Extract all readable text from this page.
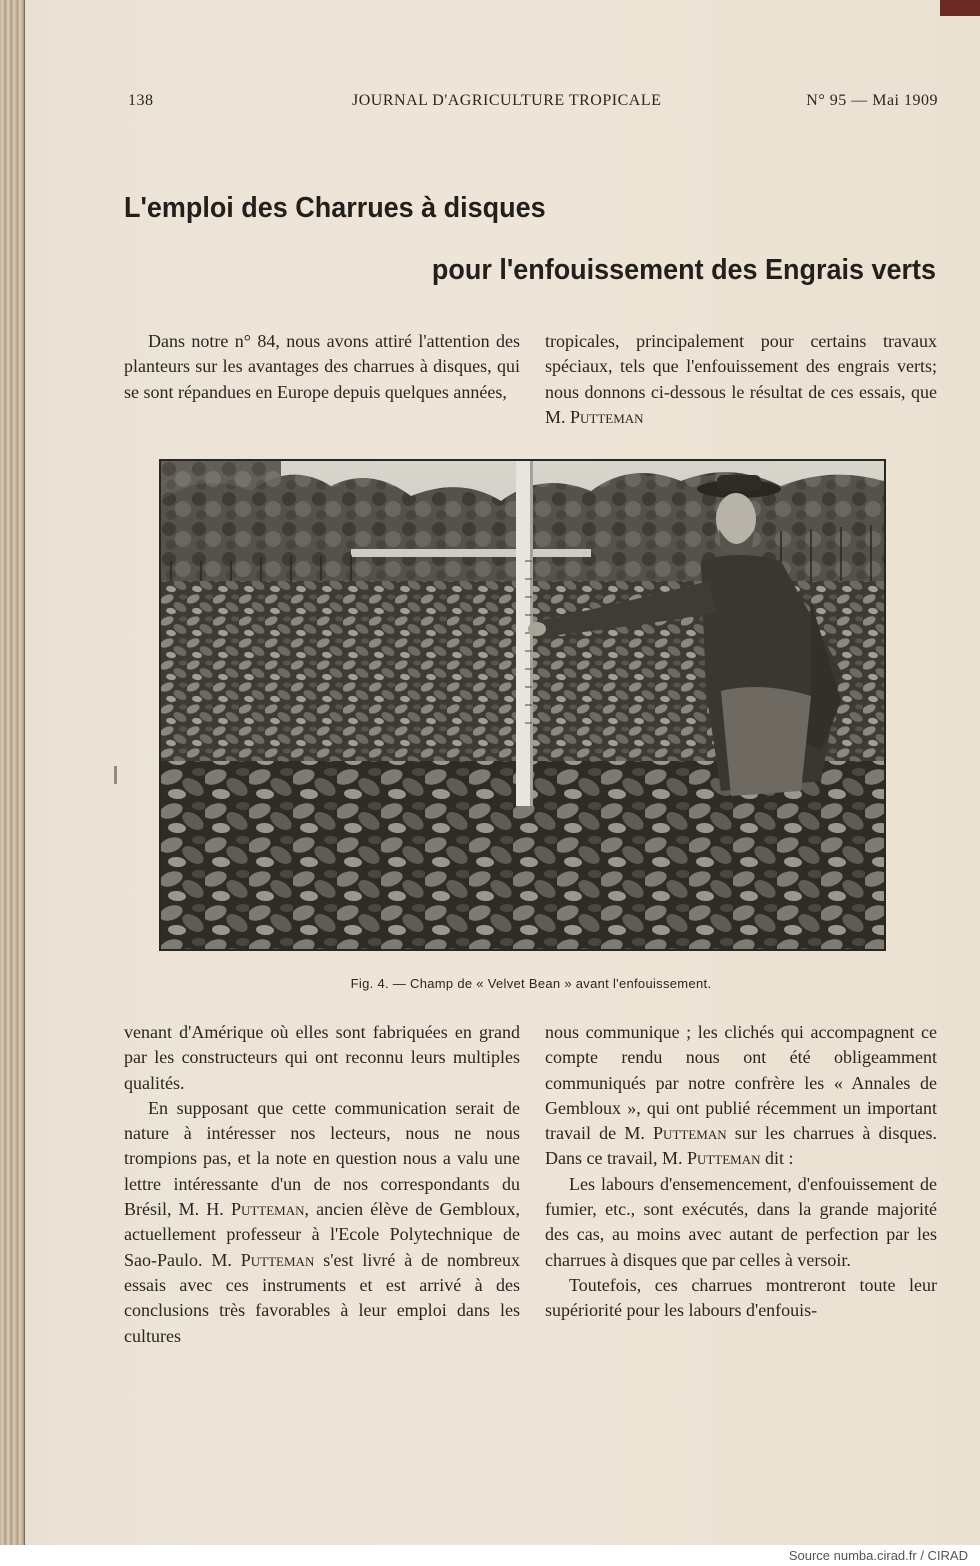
138	JOURNAL D'AGRICULTURE TROPICALE	N° 95 — Mai 1909
L'emploi des Charrues à disques
pour l'enfouissement des Engrais verts

Dans notre n° 84, nous avons attiré l'attention des planteurs sur les avantages des charrues à disques, qui se sont répandues en Europe depuis quelques années,

tropicales, principalement pour certains travaux spéciaux, tels que l'enfouissement des engrais verts; nous donnons ci-dessous le résultat de ces essais, que M. Putteman

Fig. 4. — Champ de « Velvet Bean » avant l'enfouissement.

venant d'Amérique où elles sont fabriquées en grand par les constructeurs qui ont reconnu leurs multiples qualités.

En supposant que cette communication serait de nature à intéresser nos lecteurs, nous ne nous trompions pas, et la note en question nous a valu une lettre intéressante d'un de nos correspondants du Brésil, M. H. Putteman, ancien élève de Gembloux, actuellement professeur à l'Ecole Polytechnique de Sao-Paulo. M. Putteman s'est livré à de nombreux essais avec ces instruments et est arrivé à des conclusions très favorables à leur emploi dans les cultures

nous communique ; les clichés qui accompagnent ce compte rendu nous ont été obligeamment communiqués par notre confrère les « Annales de Gembloux », qui ont publié récemment un important travail de M. Putteman sur les charrues à disques. Dans ce travail, M. Putteman dit :

Les labours d'ensemencement, d'enfouissement de fumier, etc., sont exécutés, dans la grande majorité des cas, au moins avec autant de perfection par les charrues à disques que par celles à versoir.

Toutefois, ces charrues montreront toute leur supériorité pour les labours d'enfouis-

Source numba.cirad.fr / CIRAD
